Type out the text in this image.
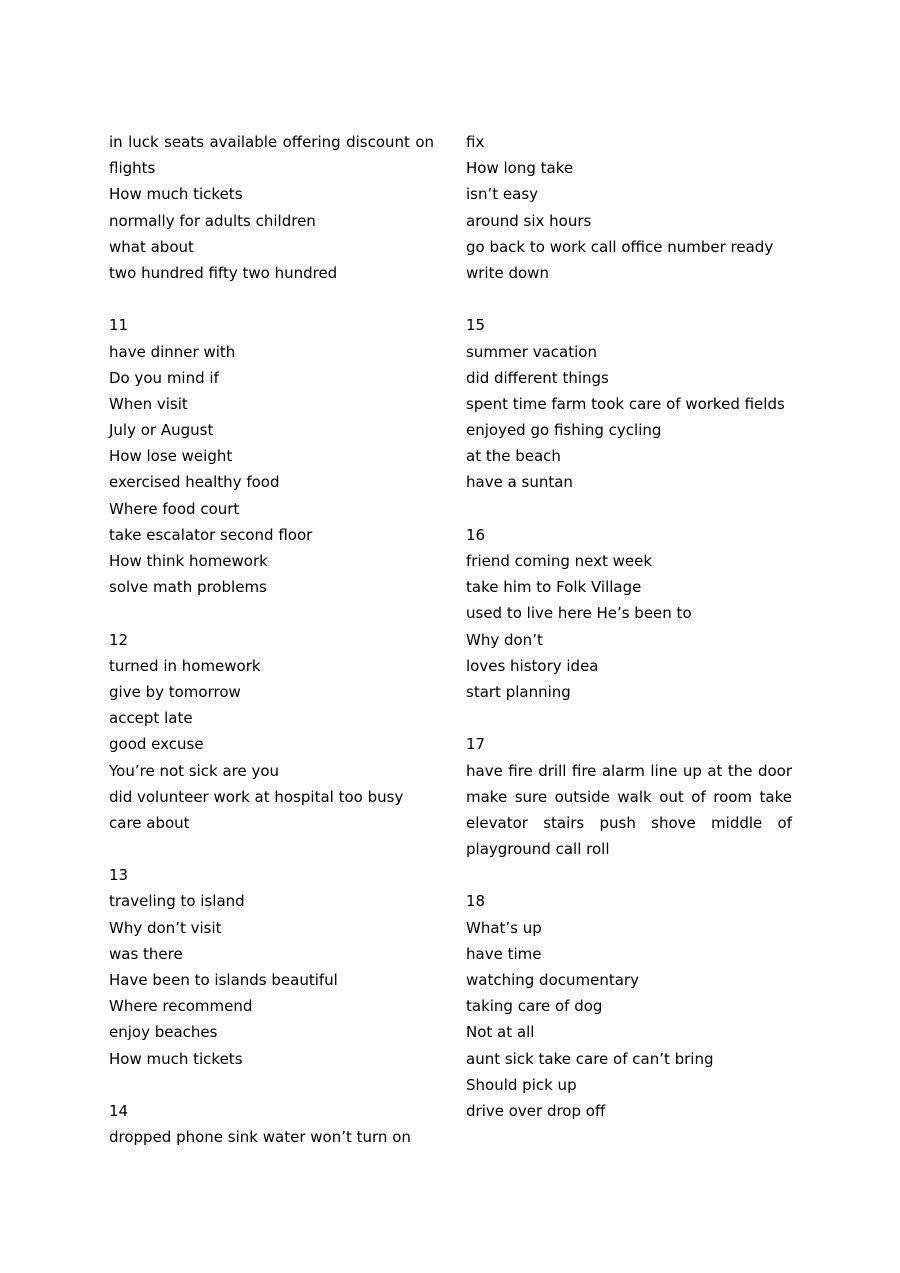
in luck seats available offering discount on
flights
How much tickets
normally for adults children
what about
two hundred fifty two hundred
11
have dinner with
Do you mind if
When visit
July or August
How lose weight
exercised healthy food
Where food court
take escalator second floor
How think homework
solve math problems
12
turned in homework
give by tomorrow
accept late
good excuse
You’re not sick are you
did volunteer work at hospital too busy
care about
13
traveling to island
Why don’t visit
was there
Have been to islands beautiful
Where recommend
enjoy beaches
How much tickets
14
dropped phone sink water won’t turn on
fix
How long take
isn’t easy
around six hours
go back to work call office number ready
write down
15
summer vacation
did different things
spent time farm took care of worked fields
enjoyed go fishing cycling
at the beach
have a suntan
16
friend coming next week
take him to Folk Village
used to live here He’s been to
Why don’t
loves history idea
start planning
17
have fire drill fire alarm line up at the door
make sure outside walk out of room take
elevator stairs push shove middle of
playground call roll
18
What’s up
have time
watching documentary
taking care of dog
Not at all
aunt sick take care of can’t bring
Should pick up
drive over drop off
